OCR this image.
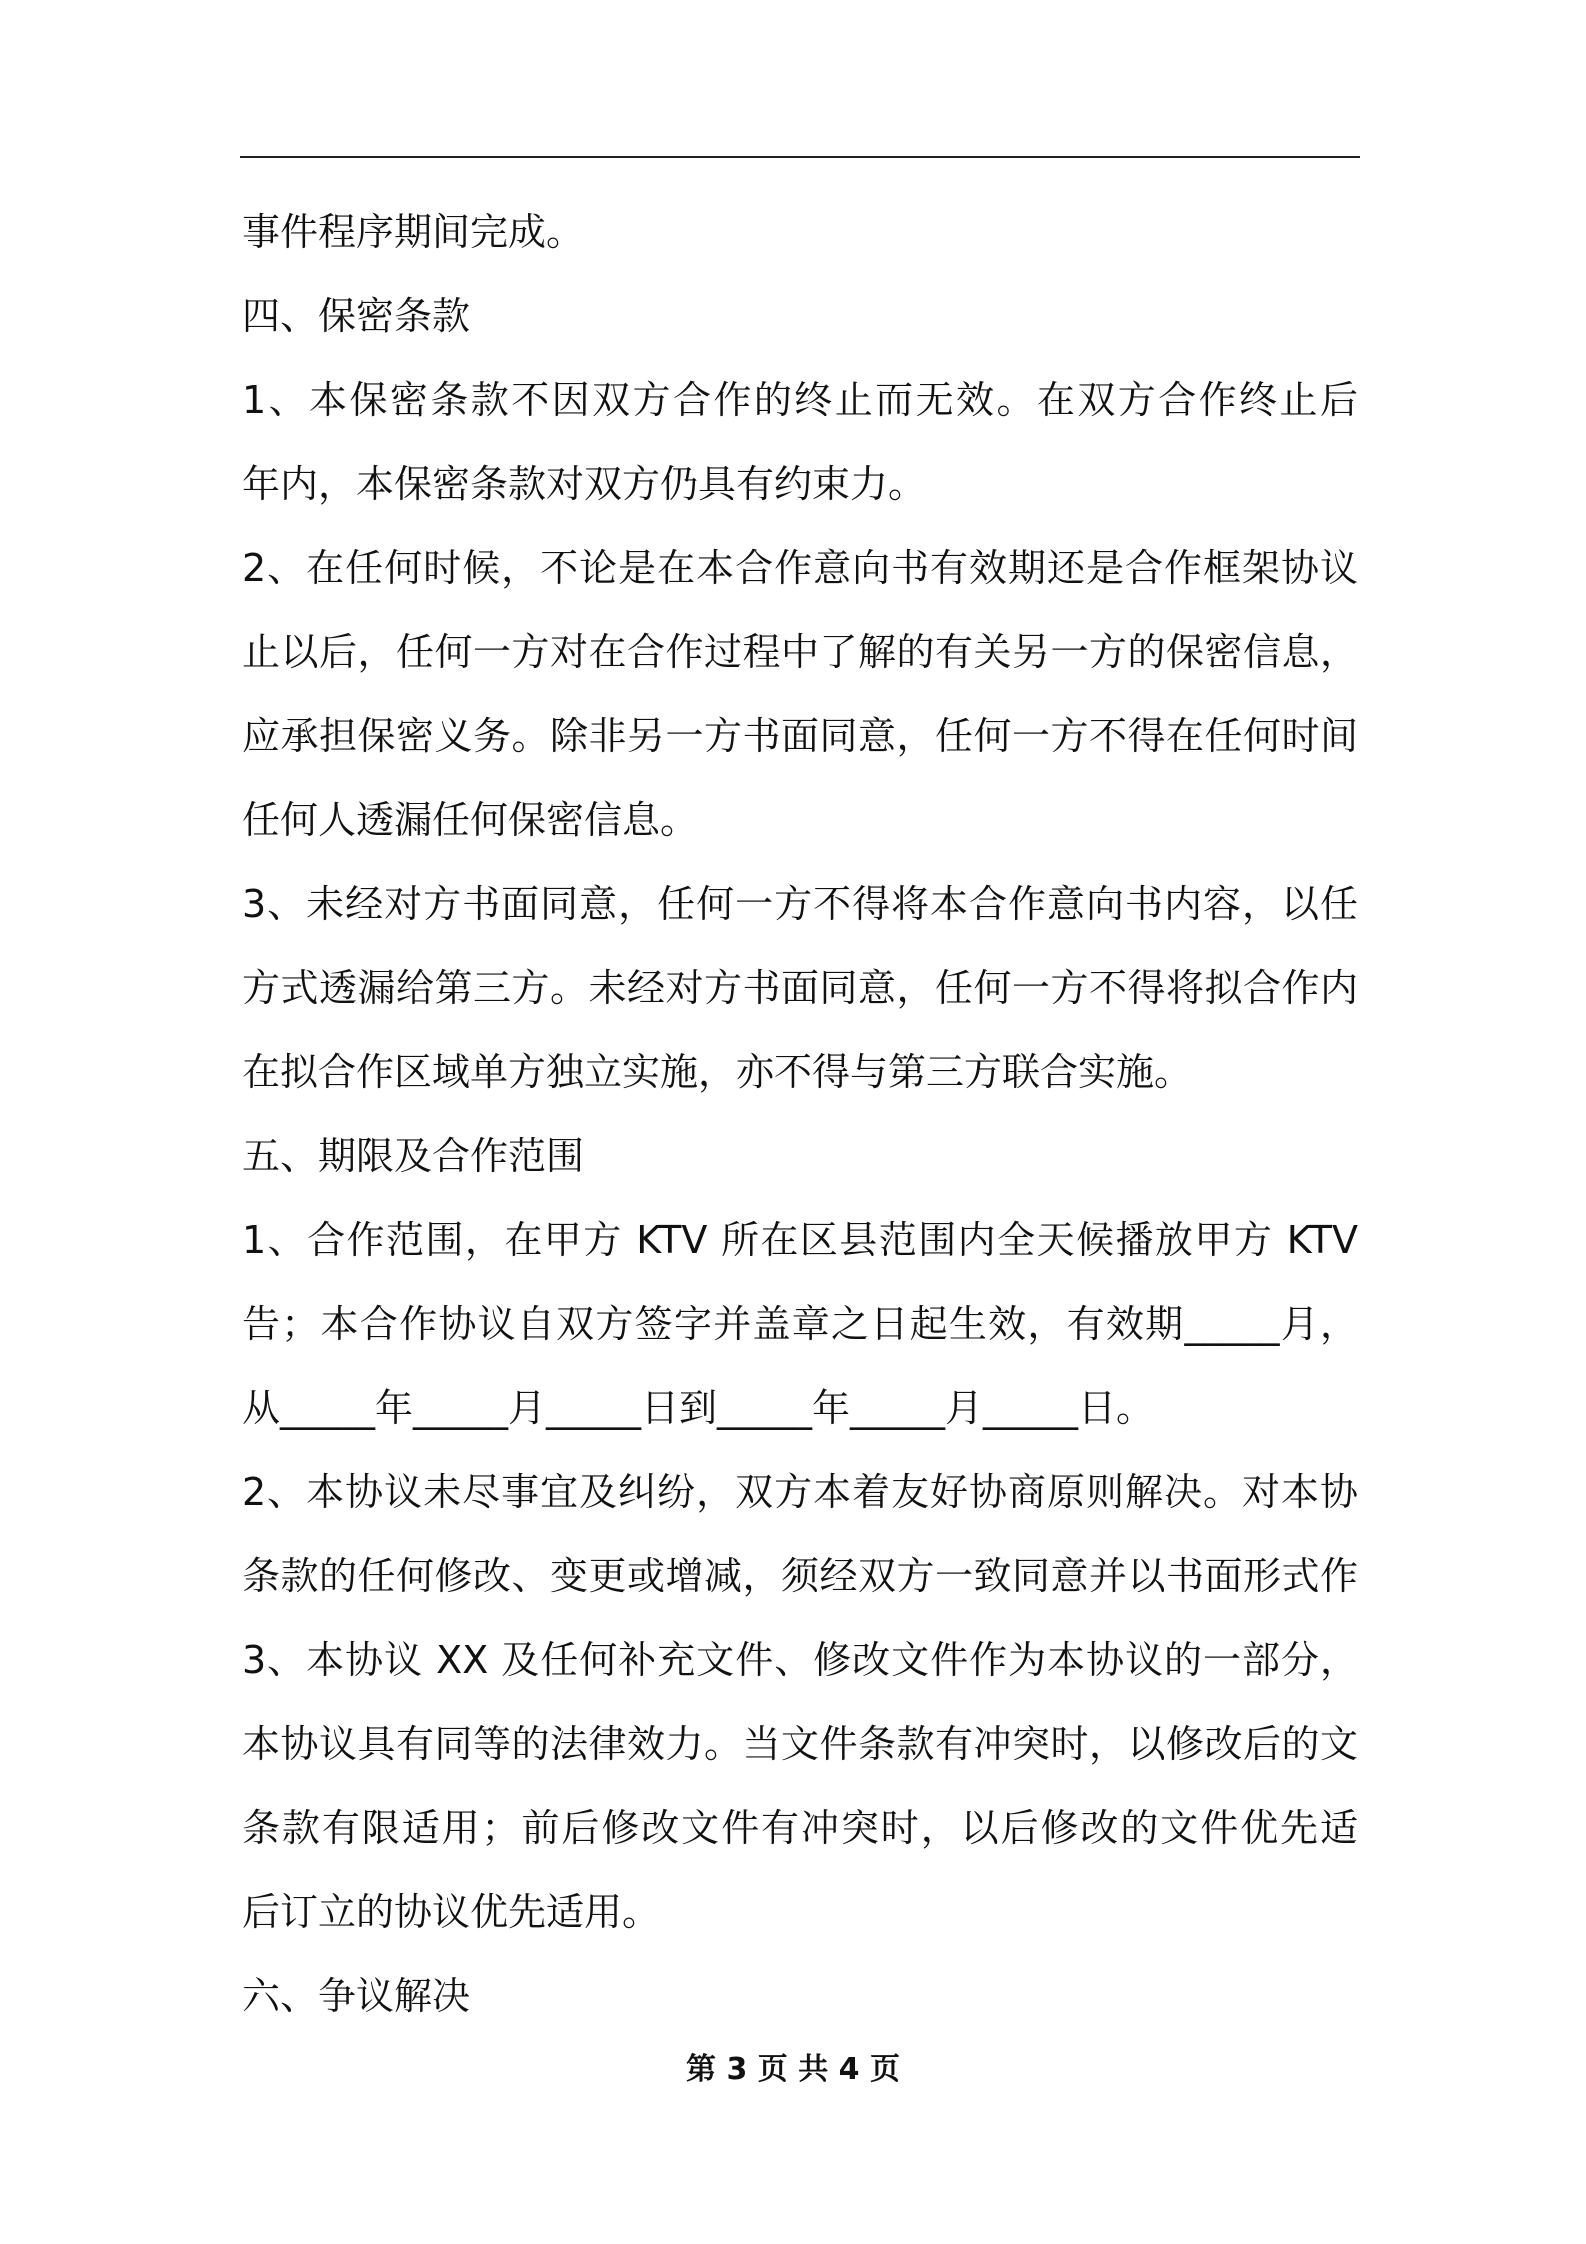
事件程序期间完成。
四、保密条款
1、本保密条款不因双方合作的终止而无效。在双方合作终止后
年内，本保密条款对双方仍具有约束力。
2、在任何时候，不论是在本合作意向书有效期还是合作框架协议
止以后，任何一方对在合作过程中了解的有关另一方的保密信息，
应承担保密义务。除非另一方书面同意，任何一方不得在任何时间
任何人透漏任何保密信息。
3、未经对方书面同意，任何一方不得将本合作意向书内容，以任
方式透漏给第三方。未经对方书面同意，任何一方不得将拟合作内
在拟合作区域单方独立实施，亦不得与第三方联合实施。
五、期限及合作范围
1、合作范围，在甲方 KTV 所在区县范围内全天候播放甲方 KTV
告；本合作协议自双方签字并盖章之日起生效，有效期_____月，
从_____年_____月_____日到_____年_____月_____日。
2、本协议未尽事宜及纠纷，双方本着友好协商原则解决。对本协
条款的任何修改、变更或增减，须经双方一致同意并以书面形式作
3、本协议 XX 及任何补充文件、修改文件作为本协议的一部分，
本协议具有同等的法律效力。当文件条款有冲突时，以修改后的文
条款有限适用；前后修改文件有冲突时，以后修改的文件优先适
后订立的协议优先适用。
六、争议解决
第 3 页 共 4 页
